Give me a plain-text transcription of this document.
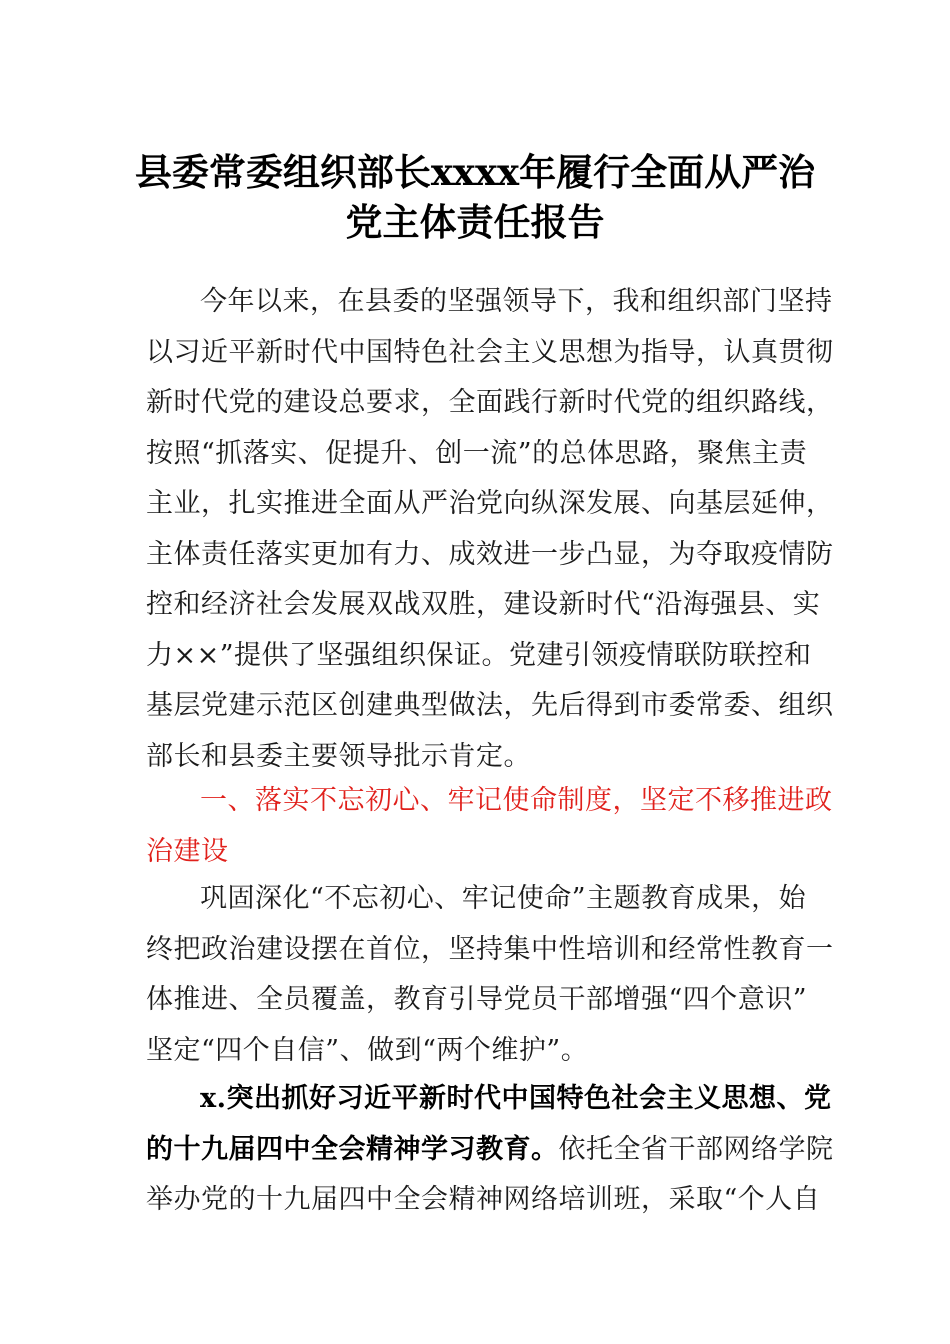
县委常委组织部长xxxx年履行全面从严治
党主体责任报告
今年以来，在县委的坚强领导下，我和组织部门坚持
以习近平新时代中国特色社会主义思想为指导，认真贯彻
新时代党的建设总要求，全面践行新时代党的组织路线，
按照“抓落实、促提升、创一流”的总体思路，聚焦主责
主业，扎实推进全面从严治党向纵深发展、向基层延伸，
主体责任落实更加有力、成效进一步凸显，为夺取疫情防
控和经济社会发展双战双胜，建设新时代“沿海强县、实
力××”提供了坚强组织保证。党建引领疫情联防联控和
基层党建示范区创建典型做法，先后得到市委常委、组织
部长和县委主要领导批示肯定。
一、落实不忘初心、牢记使命制度，坚定不移推进政
治建设
巩固深化“不忘初心、牢记使命”主题教育成果，始
终把政治建设摆在首位，坚持集中性培训和经常性教育一
体推进、全员覆盖，教育引导党员干部增强“四个意识”
坚定“四个自信”、做到“两个维护”。
x.突出抓好习近平新时代中国特色社会主义思想、党
的十九届四中全会精神学习教育。依托全省干部网络学院
举办党的十九届四中全会精神网络培训班，采取“个人自
